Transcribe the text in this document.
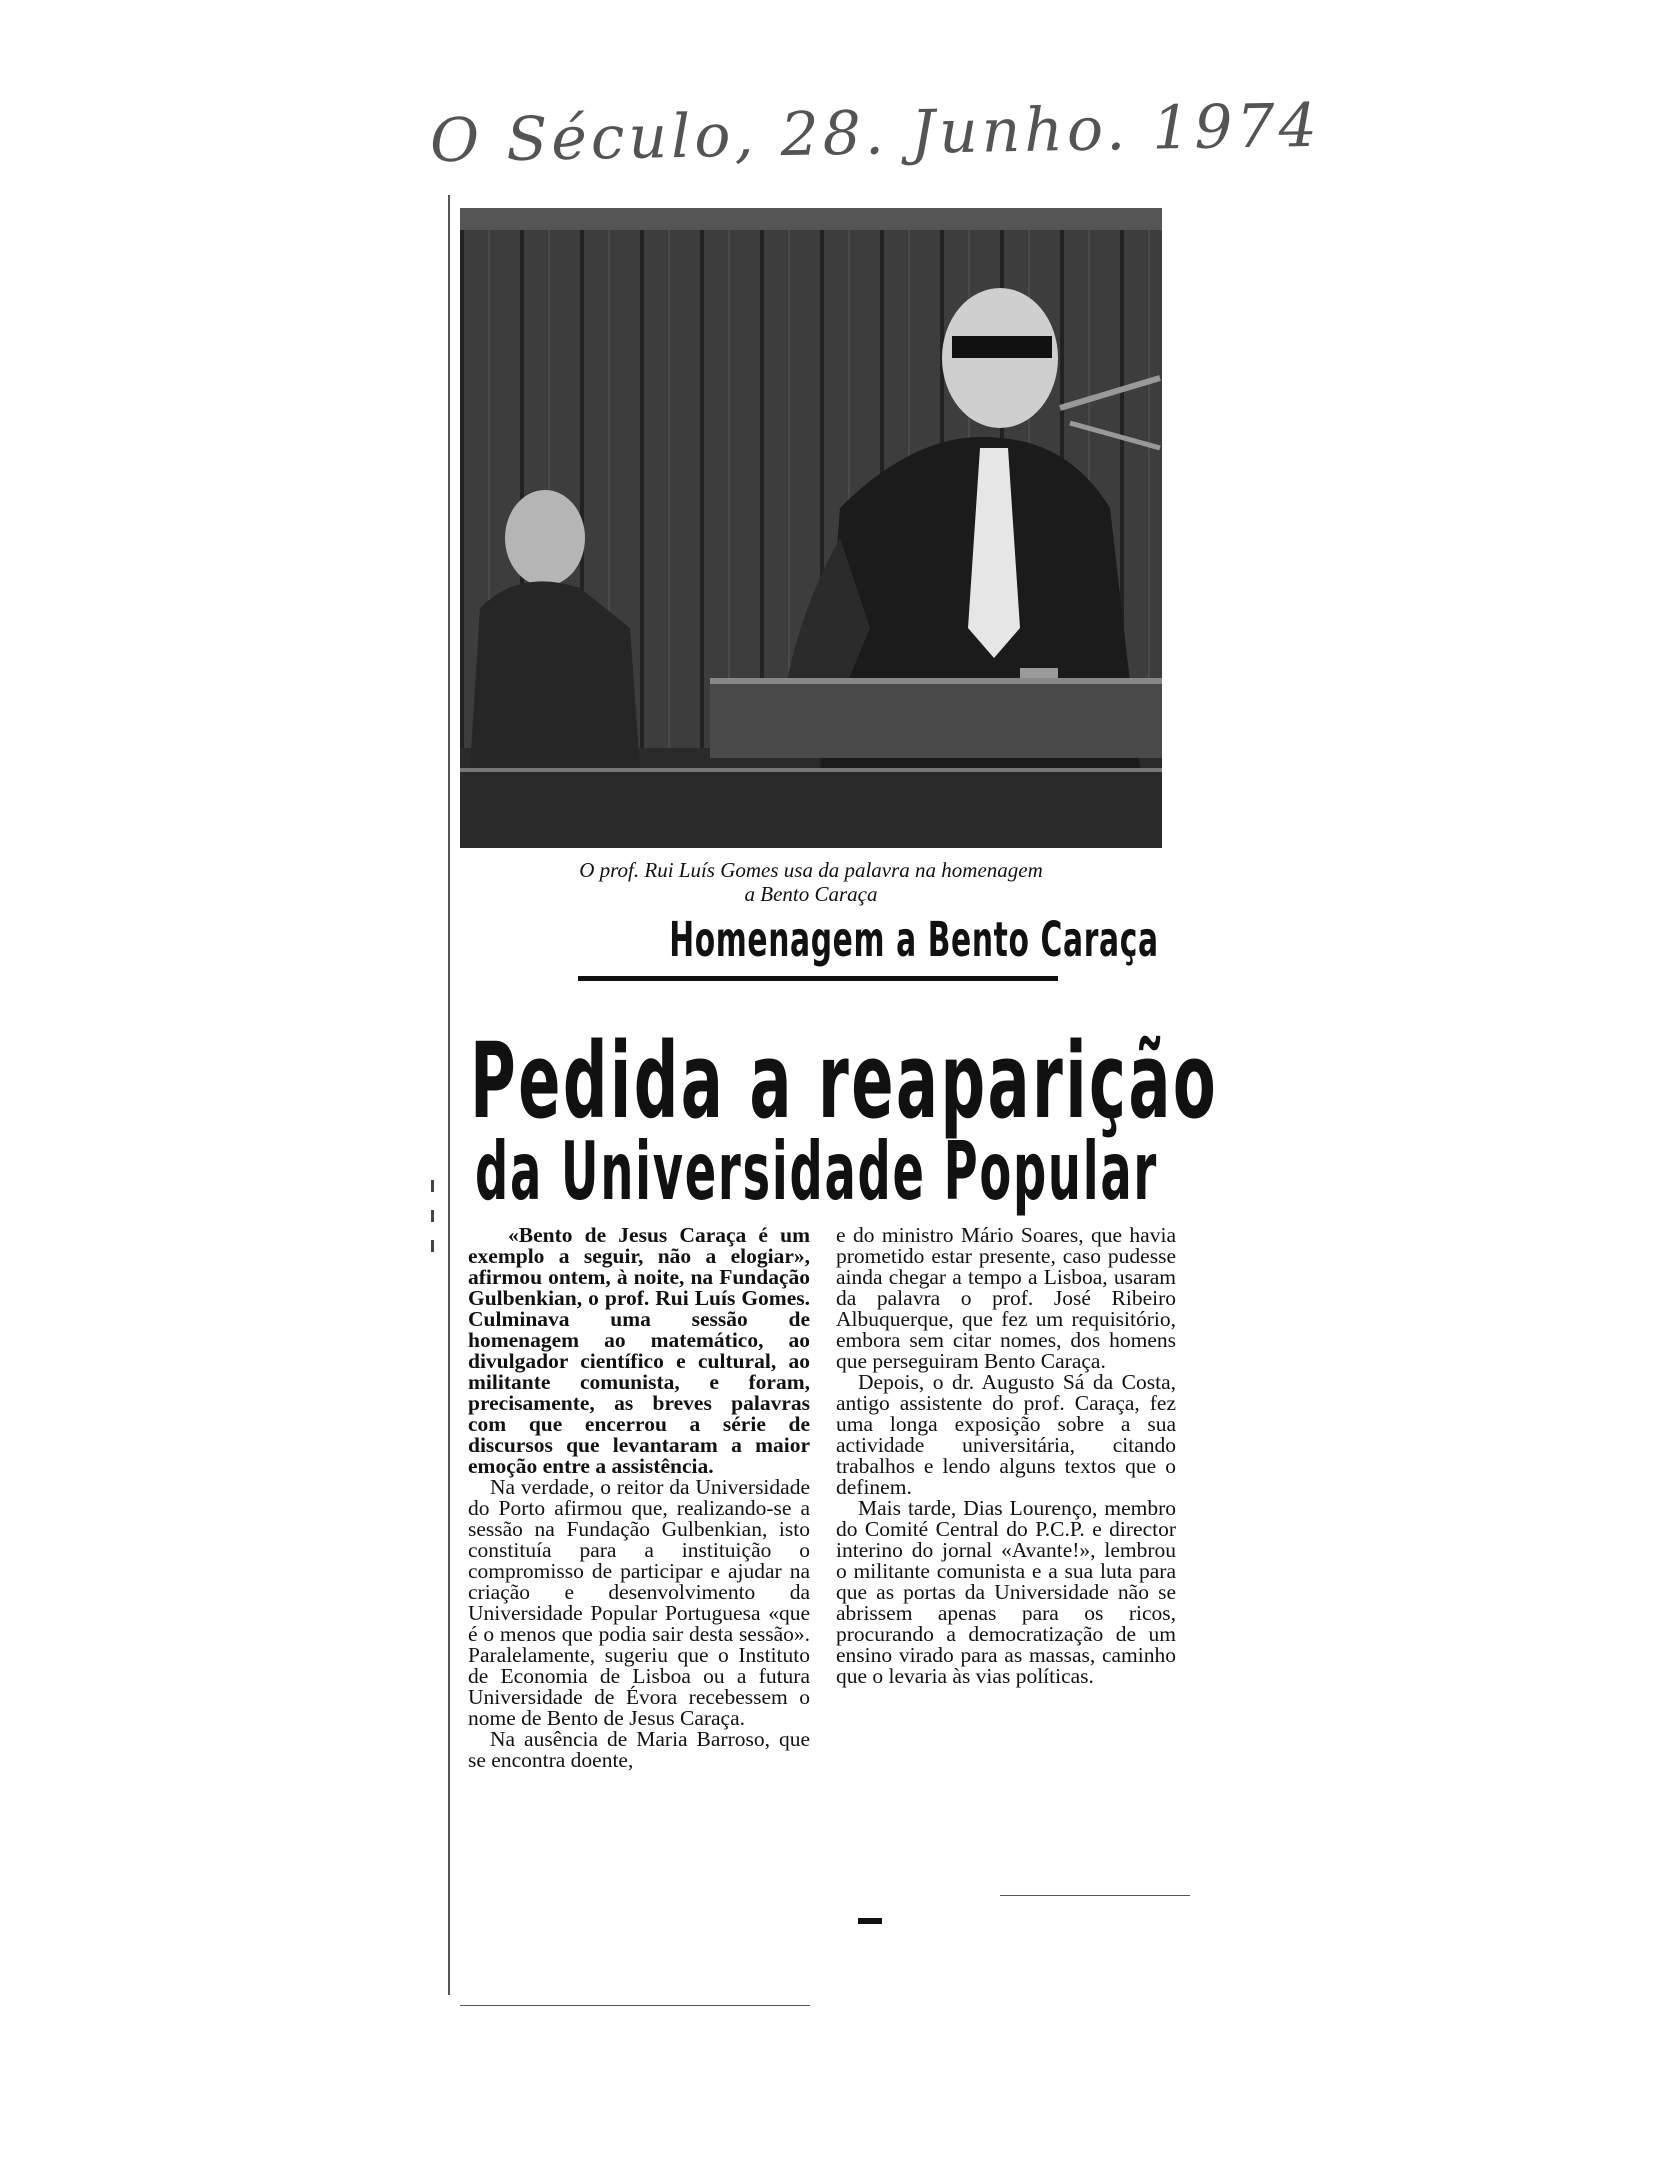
O Século, 28. Junho. 1974
O prof. Rui Luís Gomes usa da palavra na homenagem
a Bento Caraça
Homenagem a Bento Caraça
Pedida a reaparição
da Universidade Popular

«Bento de Jesus Caraça é um exemplo a seguir, não a elogiar», afirmou ontem, à noite, na Fundação Gulbenkian, o prof. Rui Luís Gomes. Culminava uma sessão de homenagem ao matemático, ao divulgador científico e cultural, ao militante comunista, e foram, precisamente, as breves palavras com que encerrou a série de discursos que levantaram a maior emoção entre a assistência.

Na verdade, o reitor da Universidade do Porto afirmou que, realizando-se a sessão na Fundação Gulbenkian, isto constituía para a instituição o compromisso de participar e ajudar na criação e desenvolvimento da Universidade Popular Portuguesa «que é o menos que podia sair desta sessão». Paralelamente, sugeriu que o Instituto de Economia de Lisboa ou a futura Universidade de Évora recebessem o nome de Bento de Jesus Caraça.

Na ausência de Maria Barroso, que se encontra doente,

e do ministro Mário Soares, que havia prometido estar presente, caso pudesse ainda chegar a tempo a Lisboa, usaram da palavra o prof. José Ribeiro Albuquerque, que fez um requisitório, embora sem citar nomes, dos homens que perseguiram Bento Caraça.

Depois, o dr. Augusto Sá da Costa, antigo assistente do prof. Caraça, fez uma longa exposição sobre a sua actividade universitária, citando trabalhos e lendo alguns textos que o definem.

Mais tarde, Dias Lourenço, membro do Comité Central do P.C.P. e director interino do jornal «Avante!», lembrou o militante comunista e a sua luta para que as portas da Universidade não se abrissem apenas para os ricos, procurando a democratização de um ensino virado para as massas, caminho que o levaria às vias políticas.
